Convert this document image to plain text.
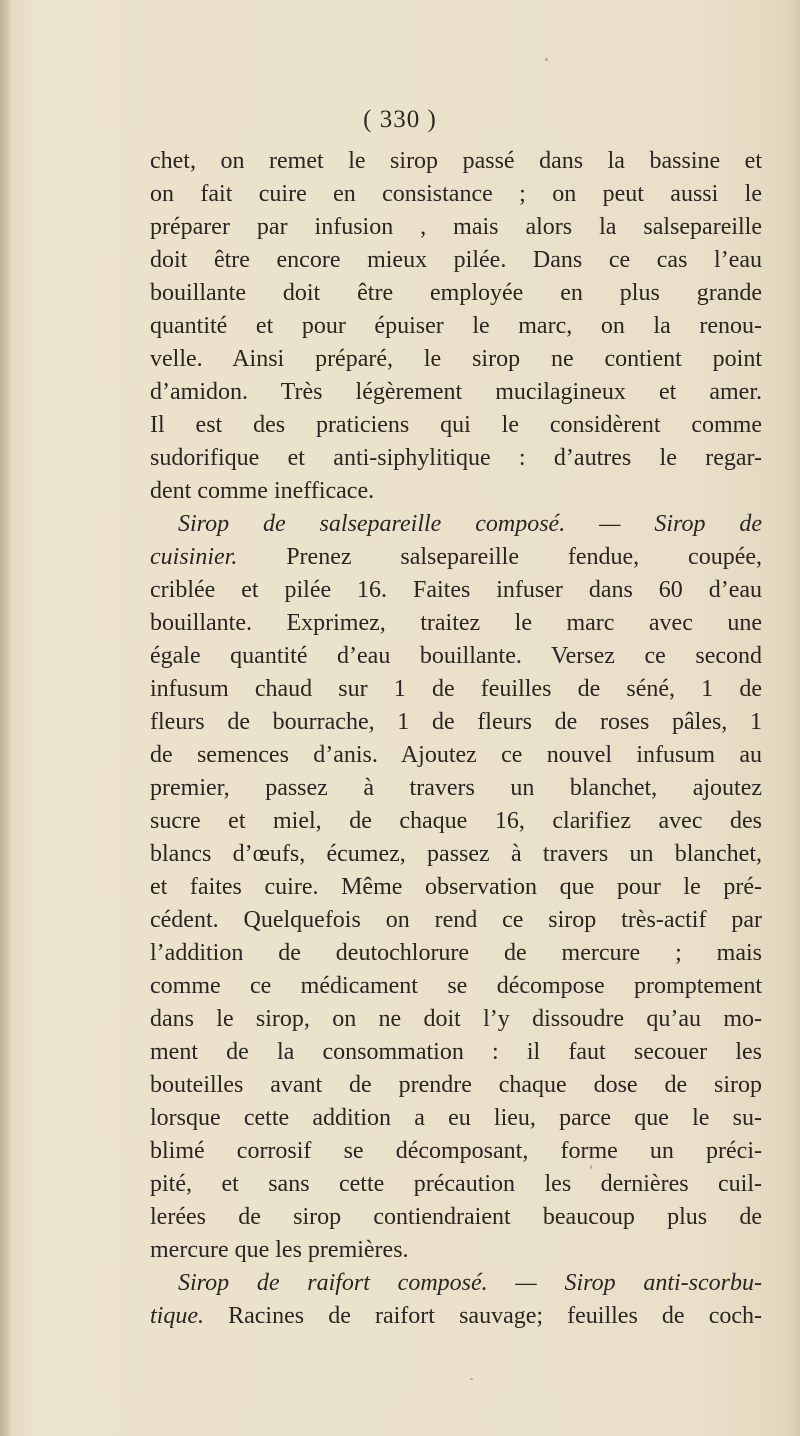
( 330 )
chet, on remet le sirop passé dans la bassine et
on fait cuire en consistance ; on peut aussi le
préparer par infusion , mais alors la salsepareille
doit être encore mieux pilée. Dans ce cas l’eau
bouillante doit être employée en plus grande
quantité et pour épuiser le marc, on la renou-
velle. Ainsi préparé, le sirop ne contient point
d’amidon. Très légèrement mucilagineux et amer.
Il est des praticiens qui le considèrent comme
sudorifique et anti-siphylitique : d’autres le regar-
dent comme inefficace.
Sirop de salsepareille composé. — Sirop de
cuisinier. Prenez salsepareille fendue, coupée,
criblée et pilée 16. Faites infuser dans 60 d’eau
bouillante. Exprimez, traitez le marc avec une
égale quantité d’eau bouillante. Versez ce second
infusum chaud sur 1 de feuilles de séné, 1 de
fleurs de bourrache, 1 de fleurs de roses pâles, 1
de semences d’anis. Ajoutez ce nouvel infusum au
premier, passez à travers un blanchet, ajoutez
sucre et miel, de chaque 16, clarifiez avec des
blancs d’œufs, écumez, passez à travers un blanchet,
et faites cuire. Même observation que pour le pré-
cédent. Quelquefois on rend ce sirop très-actif par
l’addition de deutochlorure de mercure ; mais
comme ce médicament se décompose promptement
dans le sirop, on ne doit l’y dissoudre qu’au mo-
ment de la consommation : il faut secouer les
bouteilles avant de prendre chaque dose de sirop
lorsque cette addition a eu lieu, parce que le su-
blimé corrosif se décomposant, forme un préci-
pité, et sans cette précaution les dernières cuil-
lerées de sirop contiendraient beaucoup plus de
mercure que les premières.
Sirop de raifort composé. — Sirop anti-scorbu-
tique. Racines de raifort sauvage; feuilles de coch-
